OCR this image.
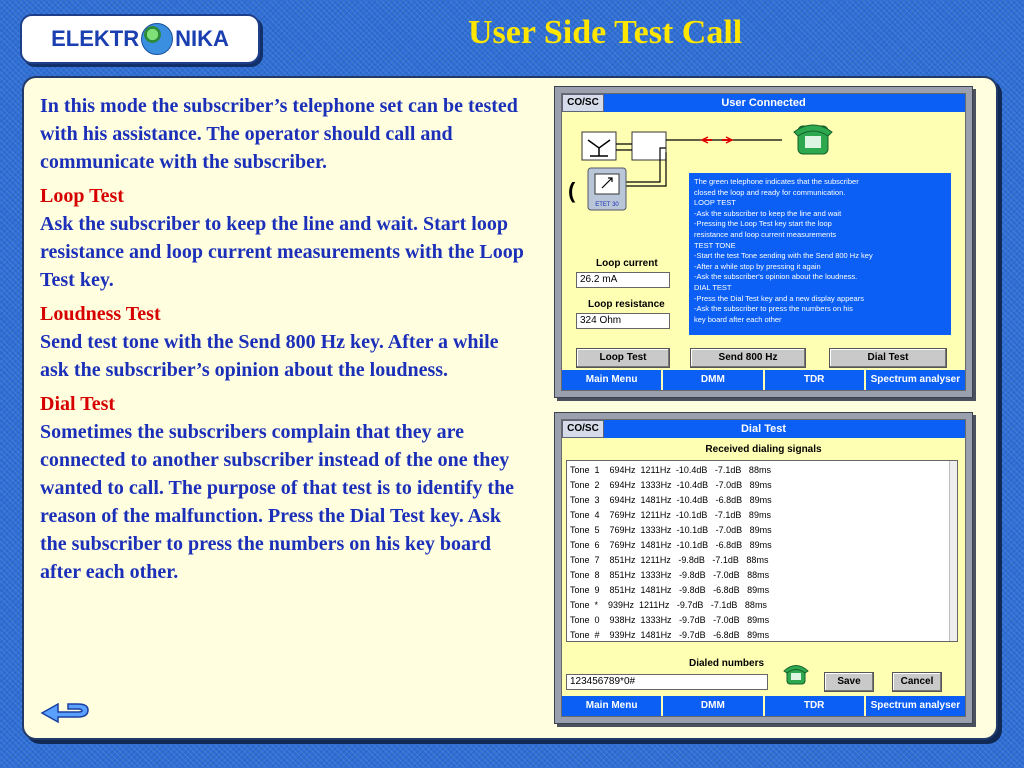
ELEKTR NIKA	User Side Test Call

In this mode the subscriber’s telephone set can be tested with his assistance. The operator should call and communicate with the subscriber.

Loop Test
Ask the subscriber to keep the line and wait. Start loop resistance and loop current measurements with the Loop Test key.

Loudness Test
Send test tone with the Send 800 Hz key. After a while ask the subscriber’s opinion about the loudness.

Dial Test
Sometimes the subscribers complain that they are connected to another subscriber instead of the one they wanted to call. The purpose of that test is to identify the reason of the malfunction. Press the Dial Test key. Ask the subscriber to press the numbers on his key board after each other.

User Connected
CO/SC
ETET 30
(
Loop current
26.2 mA
Loop resistance
324 Ohm
The green telephone indicates that the subscriber
closed the loop and ready for communication.
LOOP TEST
-Ask the subscriber to keep the line and wait
-Pressing the Loop Test key start the loop
resistance and loop current measurements
TEST TONE
-Start the test Tone sending with the Send 800 Hz key
-After a while stop by pressing it again
-Ask the subscriber's opinion about the loudness.
DIAL TEST
-Press the Dial Test key and a new display appears
-Ask the subscriber to press the numbers on his
key board after each other
Loop Test	Send 800 Hz	Dial Test
Main Menu	DMM	TDR	Spectrum analyser
Dial Test
CO/SC
Received dialing signals
Tone  1    694Hz  1211Hz  -10.4dB   -7.1dB   88ms
Tone  2    694Hz  1333Hz  -10.4dB   -7.0dB   89ms
Tone  3    694Hz  1481Hz  -10.4dB   -6.8dB   89ms
Tone  4    769Hz  1211Hz  -10.1dB   -7.1dB   89ms
Tone  5    769Hz  1333Hz  -10.1dB   -7.0dB   89ms
Tone  6    769Hz  1481Hz  -10.1dB   -6.8dB   89ms
Tone  7    851Hz  1211Hz   -9.8dB   -7.1dB   88ms
Tone  8    851Hz  1333Hz   -9.8dB   -7.0dB   88ms
Tone  9    851Hz  1481Hz   -9.8dB   -6.8dB   89ms
Tone  *    939Hz  1211Hz   -9.7dB   -7.1dB   88ms
Tone  0    938Hz  1333Hz   -9.7dB   -7.0dB   89ms
Tone  #    939Hz  1481Hz   -9.7dB   -6.8dB   89ms
Dialed numbers
123456789*0#	Save	Cancel
Main Menu	DMM	TDR	Spectrum analyser
